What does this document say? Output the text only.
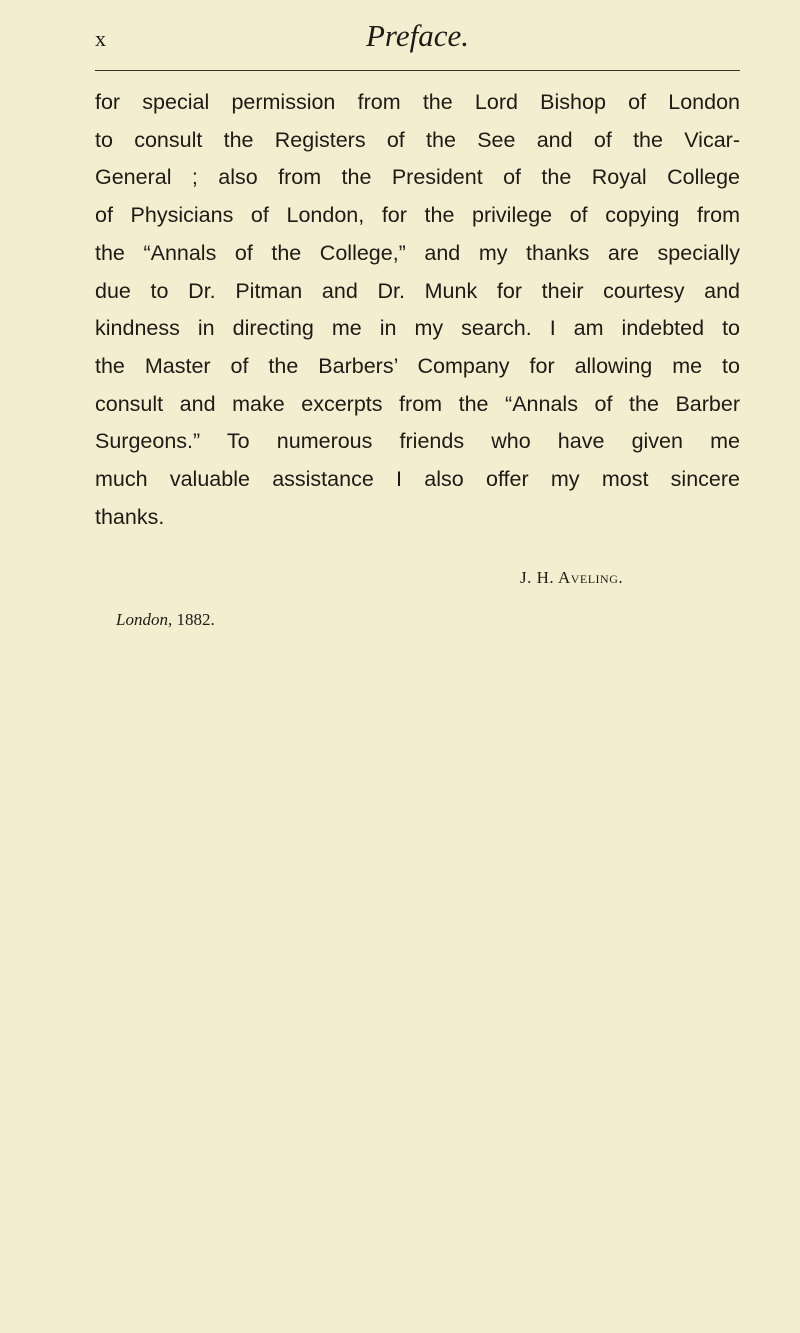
x	Preface.

for special permission from the Lord Bishop of London
to consult the Registers of the See and of the Vicar-
General ; also from the President of the Royal College
of Physicians of London, for the privilege of copying from
the “Annals of the College,” and my thanks are specially
due to Dr. Pitman and Dr. Munk for their courtesy and
kindness in directing me in my search. I am indebted to
the Master of the Barbers’ Company for allowing me to
consult and make excerpts from the “Annals of the Barber
Surgeons.” To numerous friends who have given me
much valuable assistance I also offer my most sincere
thanks.

J. H. Aveling.

London, 1882.
